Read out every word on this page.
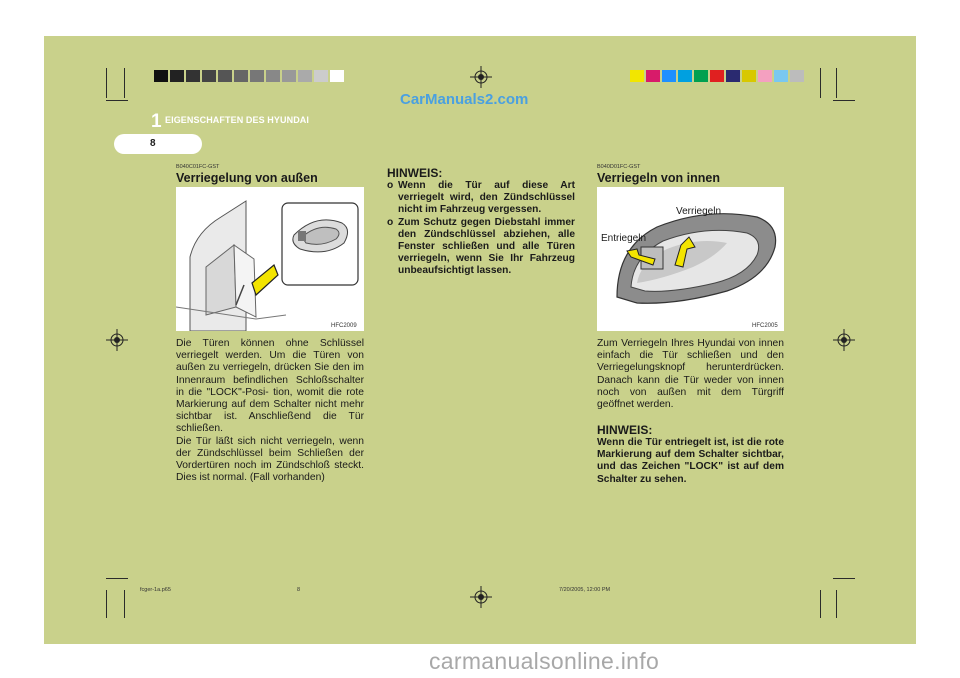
CarManuals2.com
1 EIGENSCHAFTEN DES HYUNDAI
8
B040C01FC-GST
Verriegelung von außen
HFC2009

Die Türen können ohne Schlüssel verriegelt werden. Um die Türen von außen zu verriegeln, drücken Sie den im Innenraum befindlichen Schloßschalter in die "LOCK"-Posi- tion, womit die rote Markierung auf dem Schalter nicht mehr sichtbar ist. Anschließend die Tür schließen.

Die Tür läßt sich nicht verriegeln, wenn der Zündschlüssel beim Schließen der Vordertüren noch im Zündschloß steckt. Dies ist normal. (Fall vorhanden)

HINWEIS:
o Wenn die Tür auf diese Art verriegelt wird, den Zündschlüssel nicht im Fahrzeug vergessen.
o Zum Schutz gegen Diebstahl immer den Zündschlüssel abziehen, alle Fenster schließen und alle Türen verriegeln, wenn Sie Ihr Fahrzeug unbeaufsichtigt lassen.
B040D01FC-GST
Verriegeln von innen
Verriegeln
Entriegeln
HFC2005

Zum Verriegeln Ihres Hyundai von innen einfach die Tür schließen und den Verriegelungsknopf herunterdrücken. Danach kann die Tür weder von innen noch von außen mit dem Türgriff geöffnet werden.

HINWEIS:
Wenn die Tür entriegelt ist, ist die rote Markierung auf dem Schalter sichtbar, und das Zeichen "LOCK" ist auf dem Schalter zu sehen.
fcger-1a.p65	8	7/20/2005, 12:00 PM
carmanualsonline.info
